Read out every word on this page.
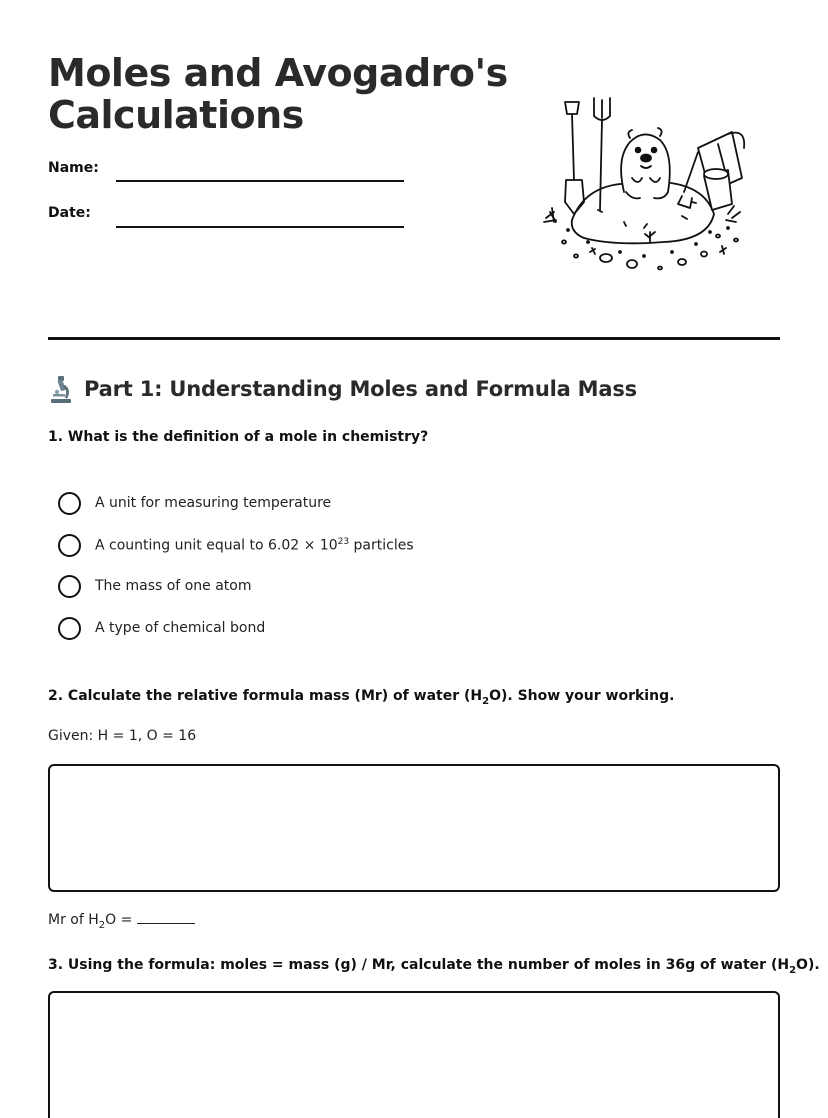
Moles and Avogadro's Calculations
Name:
Date:
Part 1: Understanding Moles and Formula Mass
1. What is the definition of a mole in chemistry?
A unit for measuring temperature
A counting unit equal to $6.02 \times 10^{23}$ particles
The mass of one atom
A type of chemical bond
2. Calculate the relative formula mass (Mr) of water $(H_2O)$. Show your working.
Given: H = 1, O = 16
Mr of $H_2O$ =
3. Using the formula: moles = mass (g) / Mr, calculate the number of moles in 36g of water $(H_2O)$.
